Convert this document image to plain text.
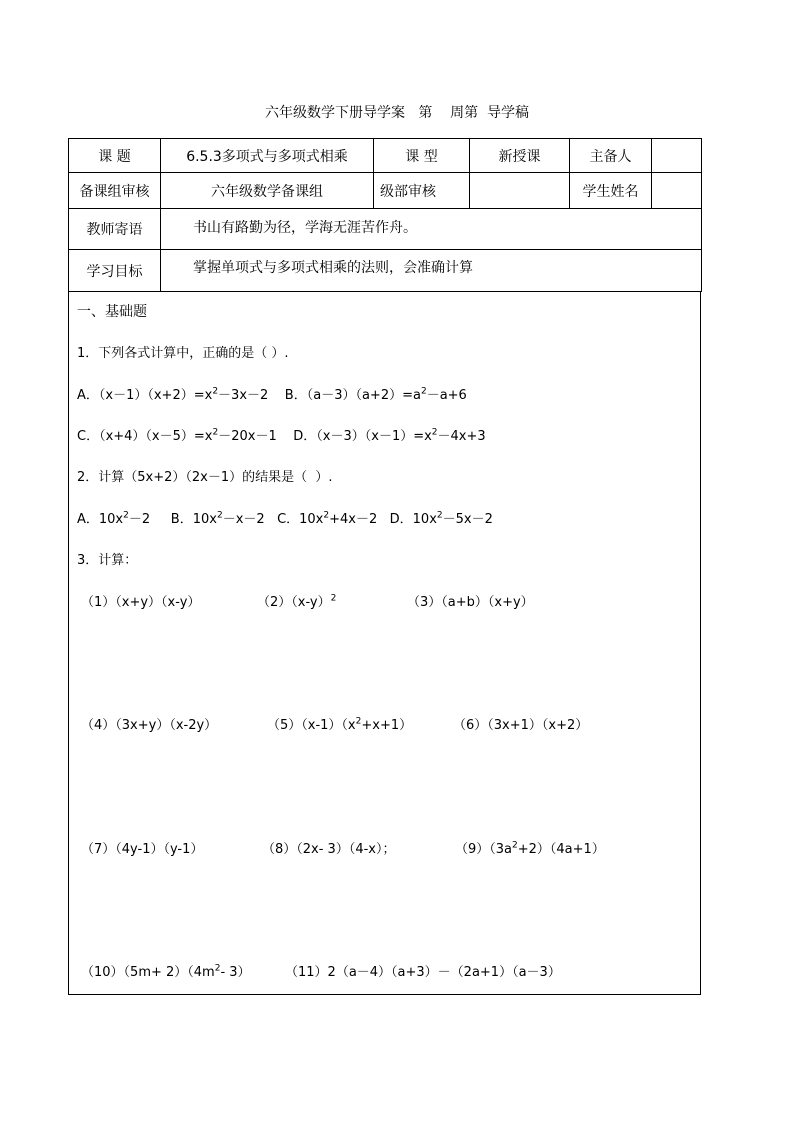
六年级数学下册导学案   第    周第  导学稿
课 题	6.5.3多项式与多项式相乘	课 型	新授课	主备人	
备课组审核	六年级数学备课组	级部审核		学生姓名	
教师寄语	书山有路勤为径，学海无涯苦作舟。				
学习目标	掌握单项式与多项式相乘的法则，会准确计算				
一、基础题
1．下列各式计算中，正确的是（ ）.
A．$(x-1)(x+2)=x^2-3x-2$    B．$(a-3)(a+2)=a^2-a+6$
C．$(x+4)(x-5)=x^2-20x-1$    D．$(x-3)(x-1)=x^2-4x+3$
2．计算（5x+2）（2x－1）的结果是（  ）.
A．$10x^2-2$     B．$10x^2-x-2$   C．$10x^2+4x-2$   D．$10x^2-5x-2$
3．计算：
（1）（x+y）（x-y）	$(2)(x-y)^2$	（3）（a+b）（x+y）
（4）（3x+y）（x-2y）	$(5)(x-1)(x^2+x+1)$	（6）（3x+1）（x+2）
（7）（4y-1）（y-1）	（8）（2x- 3）（4-x）；	$(9)(3a^2+2)(4a+1)$
$(10)(5m+ 2)(4m^2-$ 3）	（11）2（a－4）（a+3）－（2a+1）（a－3）
